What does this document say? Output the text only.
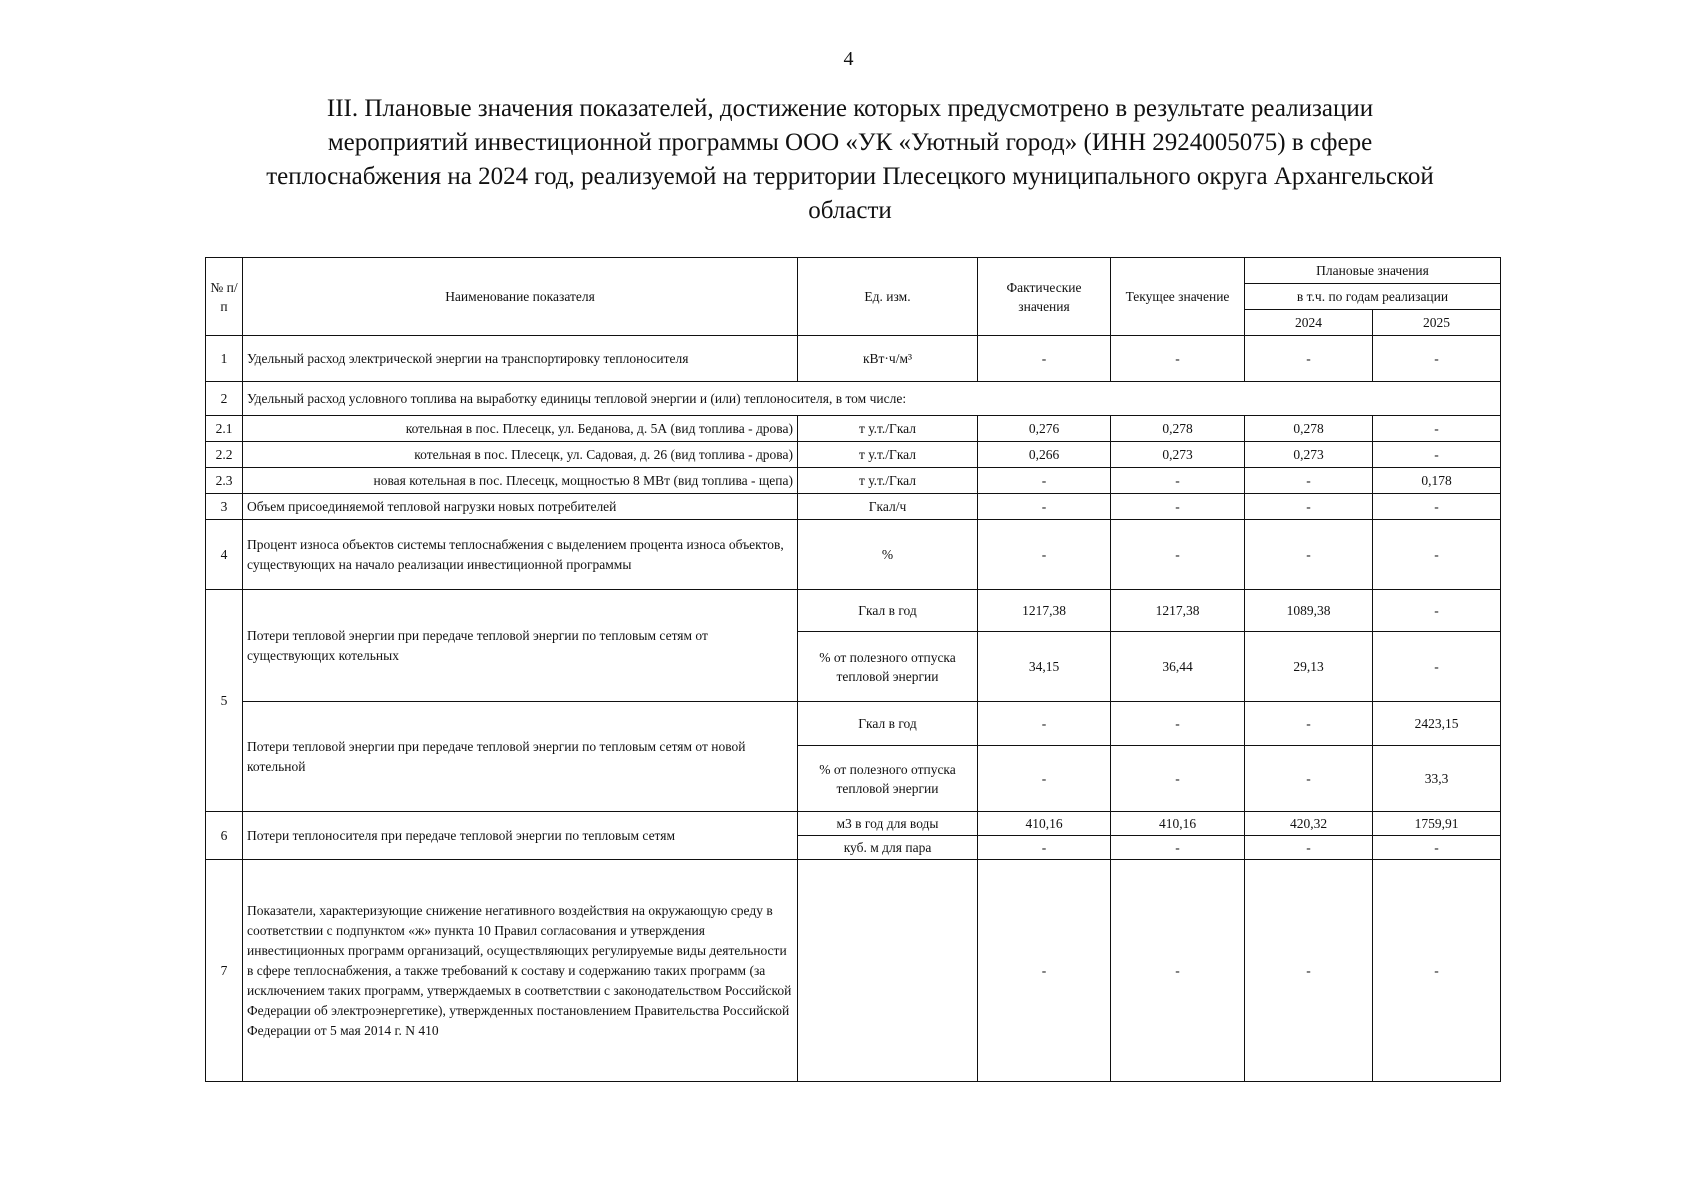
4
III. Плановые значения показателей, достижение которых предусмотрено в результате реализации
мероприятий инвестиционной программы ООО «УК «Уютный город» (ИНН 2924005075) в сфере
теплоснабжения на 2024 год, реализуемой на территории Плесецкого муниципального округа Архангельской
области
№ п/п	Наименование показателя	Ед. изм.	Фактические значения	Текущее значение	Плановые значения	
					в т.ч. по годам реализации	
					2024	2025
1	Удельный расход электрической энергии на транспортировку теплоносителя	кВт·ч/м³	-	-	-	-
2	Удельный расход условного топлива на выработку единицы тепловой энергии и (или) теплоносителя, в том числе:					
2.1	котельная в пос. Плесецк, ул. Беданова, д. 5А (вид топлива - дрова)	т у.т./Гкал	0,276	0,278	0,278	-
2.2	котельная в пос. Плесецк, ул. Садовая, д. 26 (вид топлива - дрова)	т у.т./Гкал	0,266	0,273	0,273	-
2.3	новая котельная в пос. Плесецк, мощностью 8 МВт (вид топлива - щепа)	т у.т./Гкал	-	-	-	0,178
3	Объем присоединяемой тепловой нагрузки новых потребителей	Гкал/ч	-	-	-	-
4	Процент износа объектов системы теплоснабжения с выделением процента износа объектов, существующих на начало реализации инвестиционной программы	%	-	-	-	-
5	Потери тепловой энергии при передаче тепловой энергии по тепловым сетям от существующих котельных	Гкал в год	1217,38	1217,38	1089,38	-
		% от полезного отпуска тепловой энергии	34,15	36,44	29,13	-
	Потери тепловой энергии при передаче тепловой энергии по тепловым сетям от новой котельной	Гкал в год	-	-	-	2423,15
		% от полезного отпуска тепловой энергии	-	-	-	33,3
6	Потери теплоносителя при передаче тепловой энергии по тепловым сетям	м3 в год для воды	410,16	410,16	420,32	1759,91
		куб. м для пара	-	-	-	-
7	Показатели, характеризующие снижение негативного воздействия на окружающую среду в соответствии с подпунктом «ж» пункта 10 Правил согласования и утверждения инвестиционных программ организаций, осуществляющих регулируемые виды деятельности в сфере теплоснабжения, а также требований к составу и содержанию таких программ (за исключением таких программ, утверждаемых в соответствии с законодательством Российской Федерации об электроэнергетике), утвержденных постановлением Правительства Российской Федерации от 5 мая 2014 г. N 410		-	-	-	-
